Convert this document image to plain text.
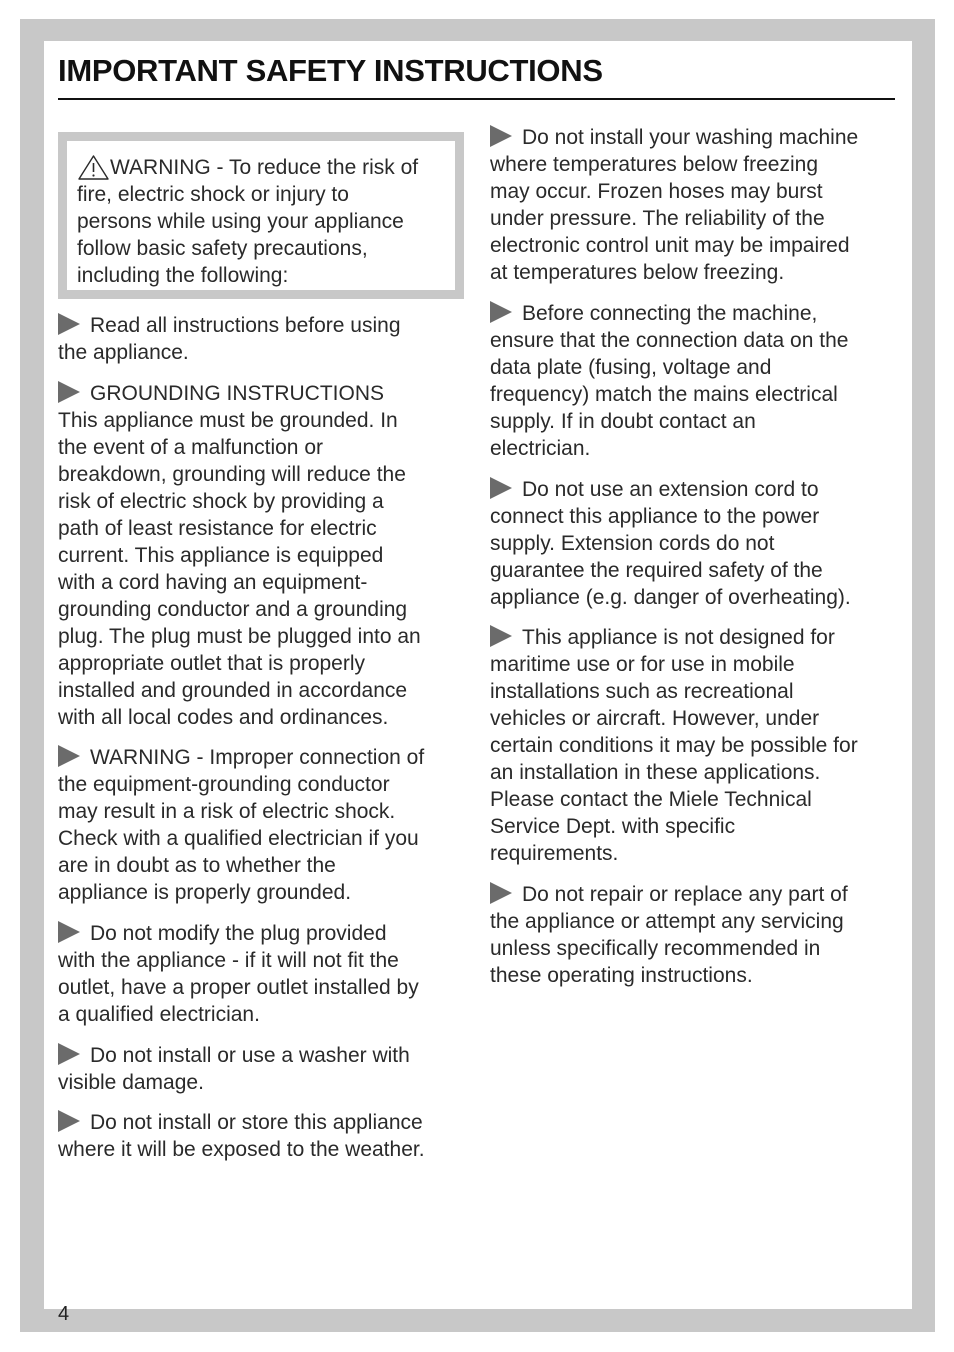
IMPORTANT SAFETY INSTRUCTIONS
WARNING - To reduce the risk of
fire, electric shock or injury to
persons while using your appliance
follow basic safety precautions,
including the following:
Read all instructions before using
the appliance.
GROUNDING INSTRUCTIONS
This appliance must be grounded. In
the event of a malfunction or
breakdown, grounding will reduce the
risk of electric shock by providing a
path of least resistance for electric
current. This appliance is equipped
with a cord having an equipment-
grounding conductor and a grounding
plug. The plug must be plugged into an
appropriate outlet that is properly
installed and grounded in accordance
with all local codes and ordinances.
WARNING - Improper connection of
the equipment-grounding conductor
may result in a risk of electric shock.
Check with a qualified electrician if you
are in doubt as to whether the
appliance is properly grounded.
Do not modify the plug provided
with the appliance - if it will not fit the
outlet, have a proper outlet installed by
a qualified electrician.
Do not install or use a washer with
visible damage.
Do not install or store this appliance
where it will be exposed to the weather.
Do not install your washing machine
where temperatures below freezing
may occur. Frozen hoses may burst
under pressure. The reliability of the
electronic control unit may be impaired
at temperatures below freezing.
Before connecting the machine,
ensure that the connection data on the
data plate (fusing, voltage and
frequency) match the mains electrical
supply. If in doubt contact an
electrician.
Do not use an extension cord to
connect this appliance to the power
supply. Extension cords do not
guarantee the required safety of the
appliance (e.g. danger of overheating).
This appliance is not designed for
maritime use or for use in mobile
installations such as recreational
vehicles or aircraft. However, under
certain conditions it may be possible for
an installation in these applications.
Please contact the Miele Technical
Service Dept. with specific
requirements.
Do not repair or replace any part of
the appliance or attempt any servicing
unless specifically recommended in
these operating instructions.
4
